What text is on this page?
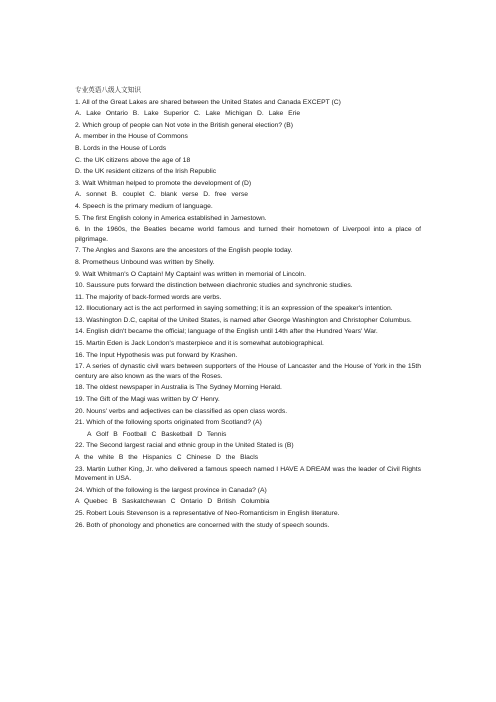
专业英语八级人文知识
1. All of the Great Lakes are shared between the United States and Canada EXCEPT (C)
A. Lake Ontario B. Lake Superior C. Lake Michigan D. Lake Erie
2. Which group of people can Not vote in the British general election? (B)
A. member in the House of Commons
B. Lords in the House of Lords
C. the UK citizens above the age of 18
D. the UK resident citizens of the Irish Republic
3. Walt Whitman helped to promote the development of (D)
A. sonnet B. couplet C. blank verse D. free verse
4. Speech is the primary medium of language.
5. The first English colony in America established in Jamestown.
6. In the 1960s, the Beatles became world famous and turned their hometown of Liverpool into a place of pilgrimage.
7. The Angles and Saxons are the ancestors of the English people today.
8. Prometheus Unbound was written by Shelly.
9. Walt Whitman's O Captain! My Captain! was written in memorial of Lincoln.
10. Saussure puts forward the distinction between diachronic studies and synchronic studies.
11. The majority of back-formed words are verbs.
12. Illocutionary act is the act performed in saying something; it is an expression of the speaker's intention.
13. Washington D.C, capital of the United States, is named after George Washington and Christopher Columbus.
14. English didn't became the official; language of the English until 14th after the Hundred Years' War.
15. Martin Eden is Jack London's masterpiece and it is somewhat autobiographical.
16. The Input Hypothesis was put forward by Krashen.
17. A series of dynastic civil wars between supporters of the House of Lancaster and the House of York in the 15th century are also known as the wars of the Roses.
18. The oldest newspaper in Australia is The Sydney Morning Herald.
19. The Gift of the Magi was written by O' Henry.
20. Nouns' verbs and adjectives can be classified as open class words.
21. Which of the following sports originated from Scotland? (A)
A Golf B Football C Basketball D Tennis
22. The Second largest racial and ethnic group in the United Stated is (B)
A the white B the Hispanics C Chinese D the Blacls
23. Martin Luther King, Jr. who delivered a famous speech named I HAVE A DREAM was the leader of Civil Rights Movement in USA.
24. Which of the following is the largest province in Canada? (A)
A Quebec B Saskatchewan C Ontario D British Columbia
25. Robert Louis Stevenson is a representative of Neo-Romanticism in English literature.
26. Both of phonology and phonetics are concerned with the study of speech sounds.
